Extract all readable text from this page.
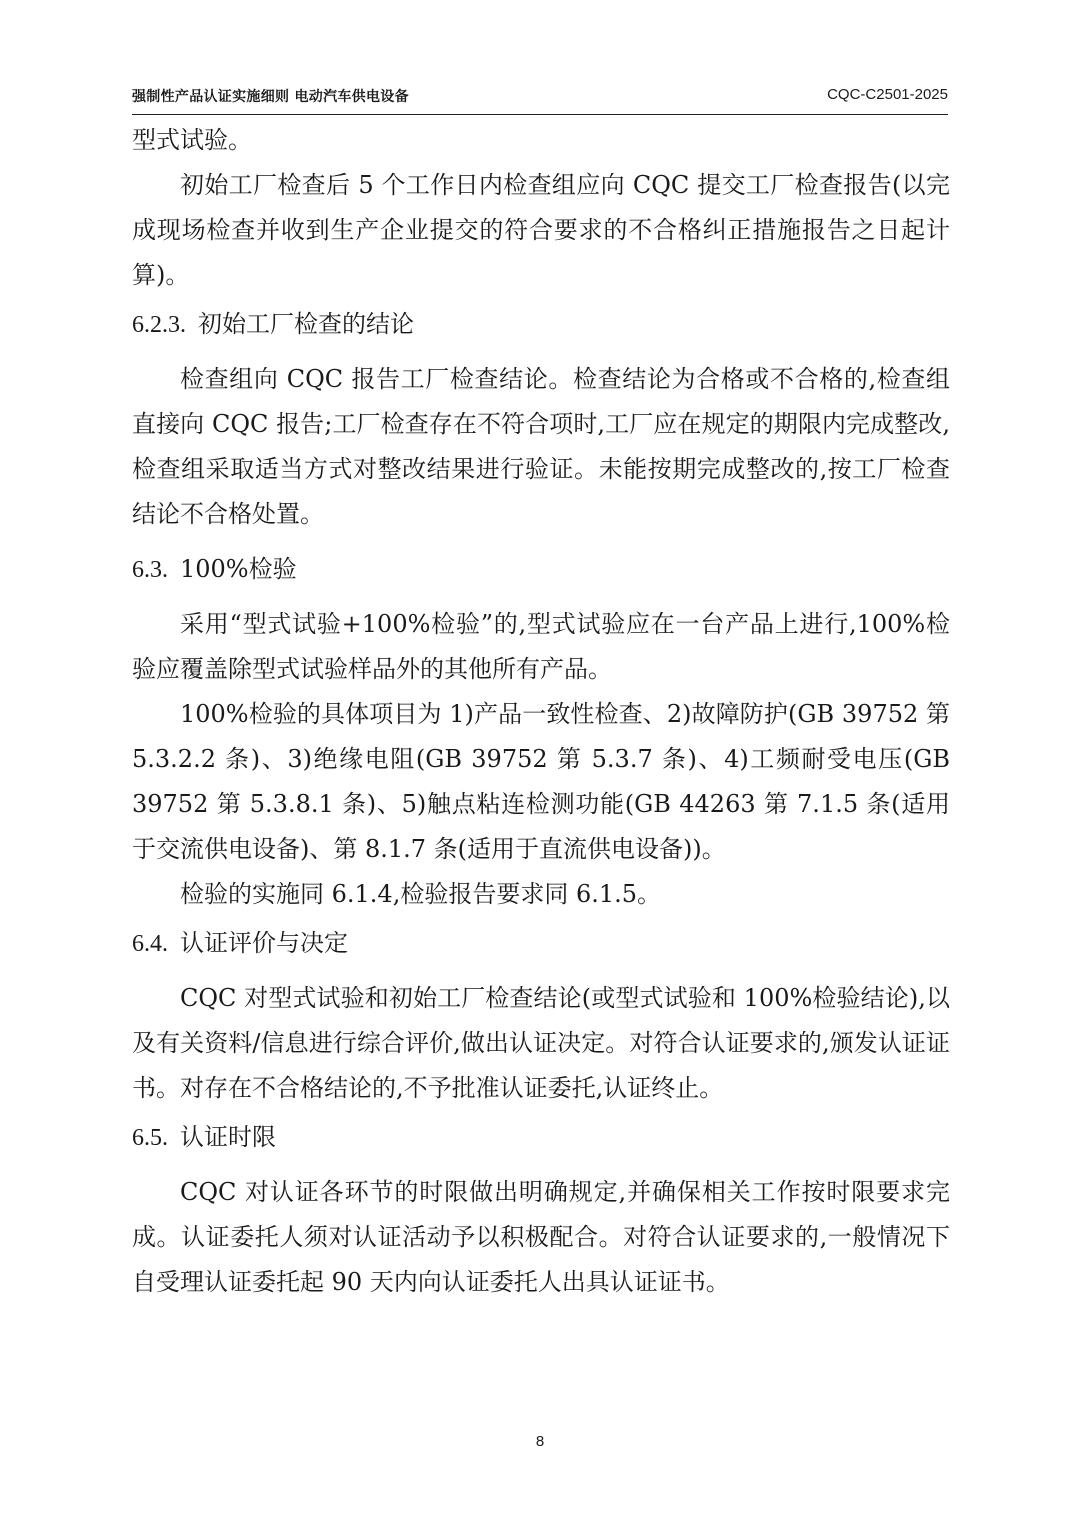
强制性产品认证实施细则 电动汽车供电设备	CQC-C2501-2025

型式试验。

初始工厂检查后 5 个工作日内检查组应向 CQC 提交工厂检查报告(以完成现场检查并收到生产企业提交的符合要求的不合格纠正措施报告之日起计算)。

6.2.3. 初始工厂检查的结论

检查组向 CQC 报告工厂检查结论。检查结论为合格或不合格的,检查组直接向 CQC 报告;工厂检查存在不符合项时,工厂应在规定的期限内完成整改,检查组采取适当方式对整改结果进行验证。未能按期完成整改的,按工厂检查结论不合格处置。

6.3. 100%检验

采用“型式试验+100%检验”的,型式试验应在一台产品上进行,100%检验应覆盖除型式试验样品外的其他所有产品。

100%检验的具体项目为 1)产品一致性检查、2)故障防护(GB 39752 第 5.3.2.2 条)、3)绝缘电阻(GB 39752 第 5.3.7 条)、4)工频耐受电压(GB 39752 第 5.3.8.1 条)、5)触点粘连检测功能(GB 44263 第 7.1.5 条(适用于交流供电设备)、第 8.1.7 条(适用于直流供电设备))。

检验的实施同 6.1.4,检验报告要求同 6.1.5。

6.4. 认证评价与决定

CQC 对型式试验和初始工厂检查结论(或型式试验和 100%检验结论),以及有关资料/信息进行综合评价,做出认证决定。对符合认证要求的,颁发认证证书。对存在不合格结论的,不予批准认证委托,认证终止。

6.5. 认证时限

CQC 对认证各环节的时限做出明确规定,并确保相关工作按时限要求完成。认证委托人须对认证活动予以积极配合。对符合认证要求的,一般情况下自受理认证委托起 90 天内向认证委托人出具认证证书。

8
